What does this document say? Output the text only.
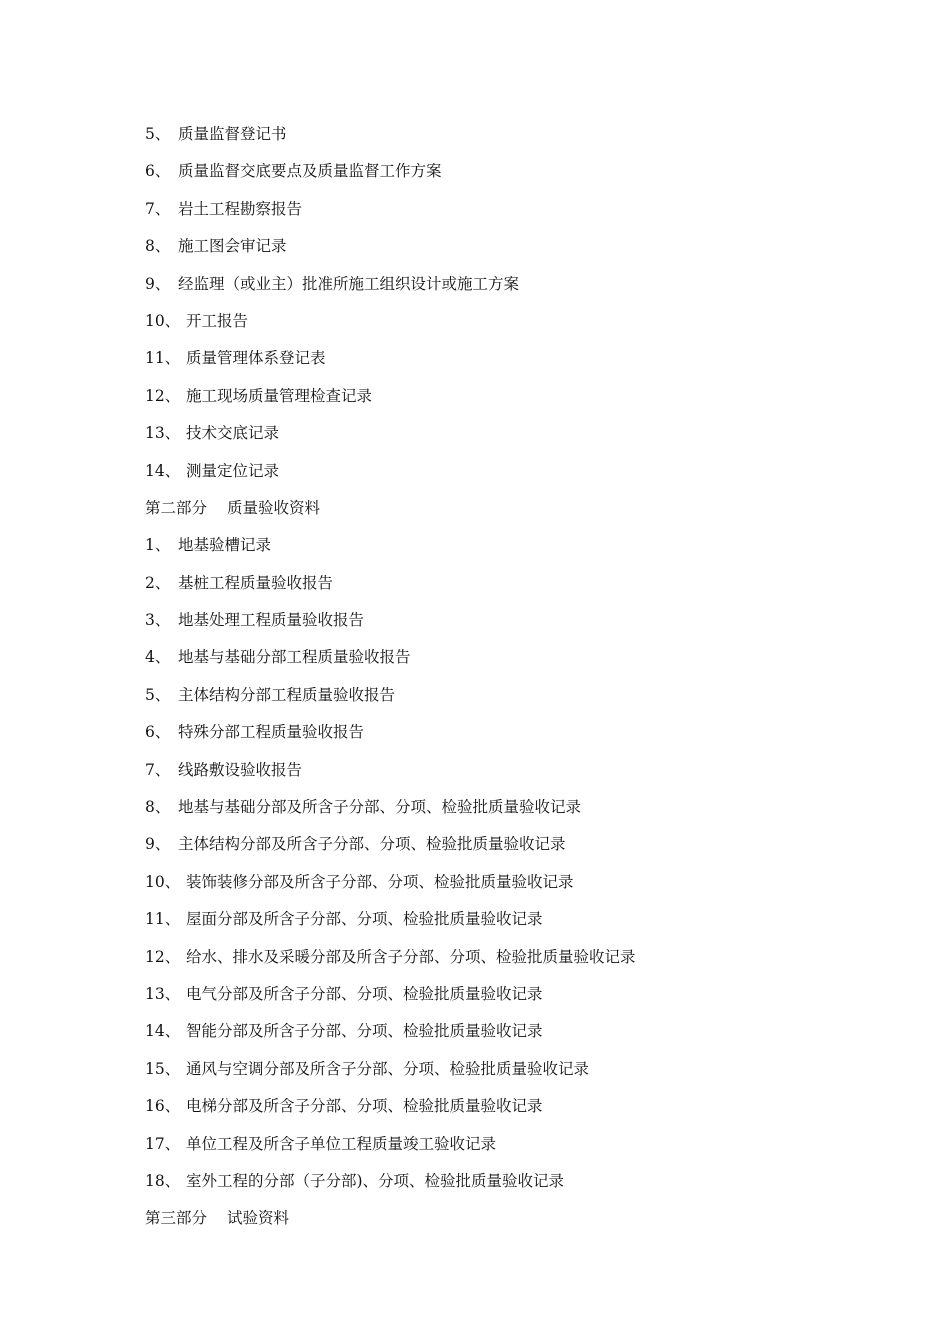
5、 质量监督登记书
6、 质量监督交底要点及质量监督工作方案
7、 岩土工程勘察报告
8、 施工图会审记录
9、 经监理（或业主）批准所施工组织设计或施工方案
10、 开工报告
11、 质量管理体系登记表
12、 施工现场质量管理检查记录
13、 技术交底记录
14、 测量定位记录
第二部分	质量验收资料
1、 地基验槽记录
2、 基桩工程质量验收报告
3、 地基处理工程质量验收报告
4、 地基与基础分部工程质量验收报告
5、 主体结构分部工程质量验收报告
6、 特殊分部工程质量验收报告
7、 线路敷设验收报告
8、 地基与基础分部及所含子分部、分项、检验批质量验收记录
9、 主体结构分部及所含子分部、分项、检验批质量验收记录
10、 装饰装修分部及所含子分部、分项、检验批质量验收记录
11、 屋面分部及所含子分部、分项、检验批质量验收记录
12、 给水、排水及采暖分部及所含子分部、分项、检验批质量验收记录
13、 电气分部及所含子分部、分项、检验批质量验收记录
14、 智能分部及所含子分部、分项、检验批质量验收记录
15、 通风与空调分部及所含子分部、分项、检验批质量验收记录
16、 电梯分部及所含子分部、分项、检验批质量验收记录
17、 单位工程及所含子单位工程质量竣工验收记录
18、 室外工程的分部（子分部)、分项、检验批质量验收记录
第三部分	试验资料
